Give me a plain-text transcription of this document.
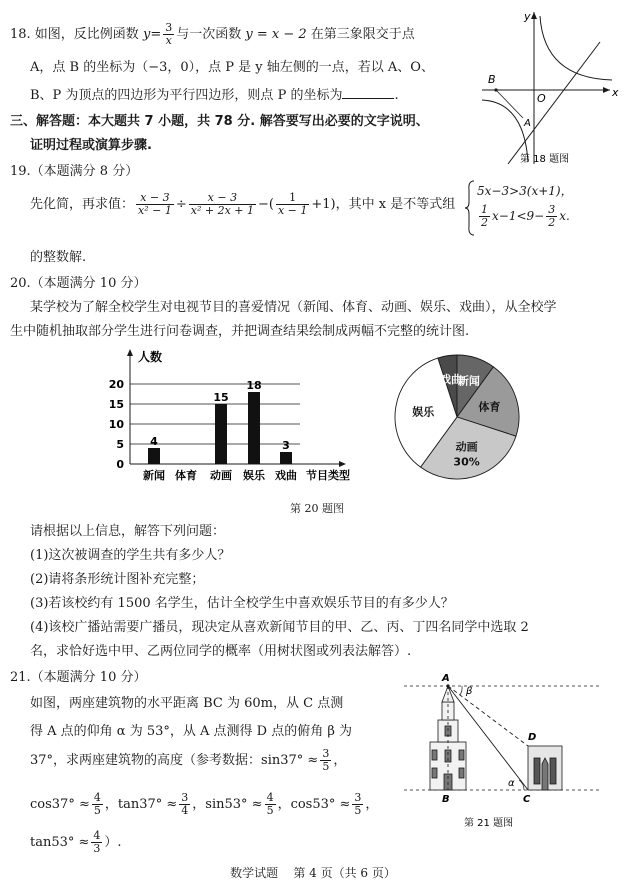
18. 如图，反比例函数 $y= \frac{3}{x}$ 与一次函数 y = x − 2 在第三象限交于点
A，点 B 的坐标为（−3，0），点 P 是 y 轴左侧的一点，若以 A、O、
B、P 为顶点的四边形为平行四边形，则点 P 的坐标为	.
y
x
B
O
A
第 18 题图
三、解答题：本大题共 7 小题，共 78 分. 解答要写出必要的文字说明、
证明过程或演算步骤.
19.（本题满分 8 分）
先化简，再求值： $\frac{x - 3}{\text{x² − 1}} \div \frac{x - 3}{\text{x² + 2x + 1}}$ −( $\frac{1}{x - 1} +1$)，其中 x 是不等式组
5x−3>3(x+1)，
$\frac{1}{2} x-1<9- \frac{3}{2} x$.
的整数解.
20.（本题满分 10 分）
某学校为了解全校学生对电视节目的喜爱情况（新闻、体育、动画、娱乐、戏曲），从全校学
生中随机抽取部分学生进行问卷调查，并把调查结果绘制成两幅不完整的统计图.
人数
节目类型
0
5
10
15
20
4
新闻 体育
15
动画
18
娱乐
3
戏曲
戏曲
新闻
体育
动画
30%
娱乐
第 20 题图
请根据以上信息，解答下列问题：
(1)这次被调查的学生共有多少人？
(2)请将条形统计图补充完整；
(3)若该校约有 1500 名学生，估计全校学生中喜欢娱乐节目的有多少人？
(4)该校广播站需要广播员，现决定从喜欢新闻节目的甲、乙、丙、丁四名同学中选取 2
名，求恰好选中甲、乙两位同学的概率（用树状图或列表法解答）.
21.（本题满分 10 分）
如图，两座建筑物的水平距离 BC 为 60m，从 C 点测
得 A 点的仰角 α 为 53°，从 A 点测得 D 点的俯角 β 为
37°，求两座建筑物的高度（参考数据：$\sin 37^\circ \approx \frac{3}{5}$ ，
$\cos 37^\circ \approx \frac{4}{5}$ ，$\tan 37^\circ \approx \frac{3}{4}$ ，$\sin 53^\circ \approx \frac{4}{5}$ ，$\cos 53^\circ \approx \frac{3}{5}$ ，
$\tan 53^\circ \approx \frac{4}{3}$ ）.
A
β
D
α
B	C
第 21 题图
数学试题    第 4 页（共 6 页）
